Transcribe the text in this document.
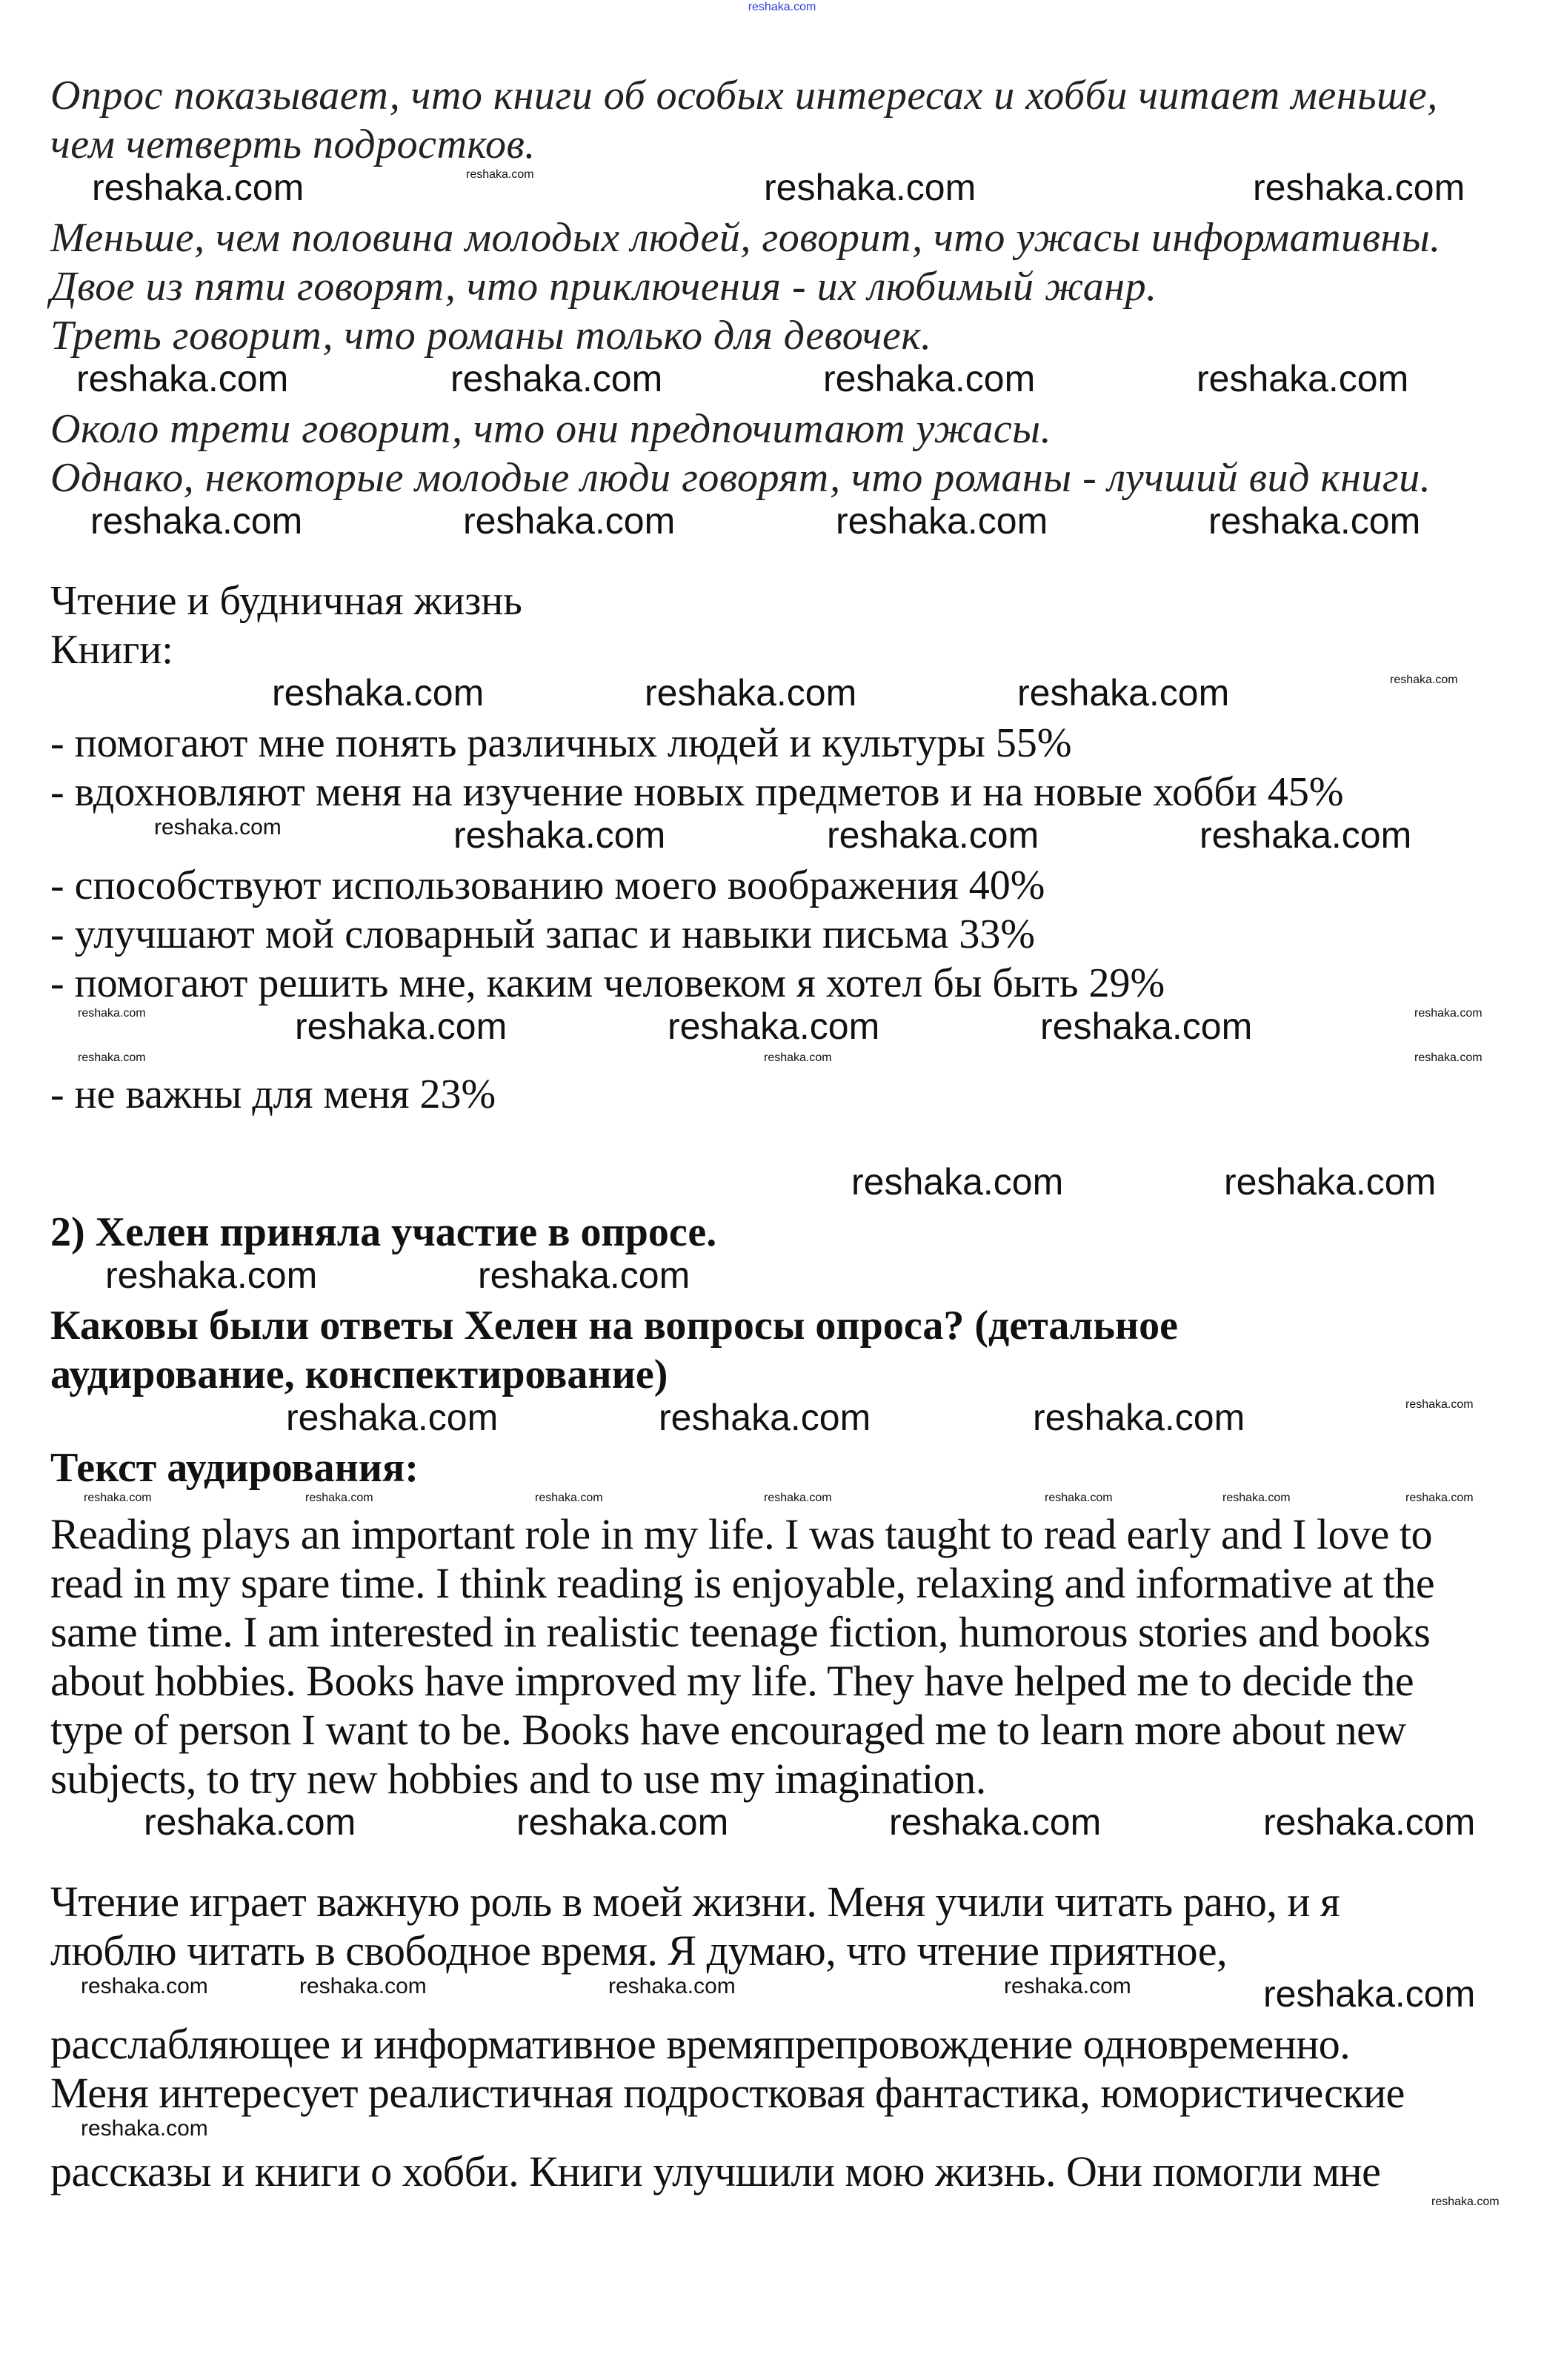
reshaka.com
Опрос показывает, что книги об особых интересах и хобби читает меньше,
чем четверть подростков.
reshaka.com	reshaka.com	reshaka.com	reshaka.com
Меньше, чем половина молодых людей, говорит, что ужасы информативны.
Двое из пяти говорят, что приключения - их любимый жанр.
Треть говорит, что романы только для девочек.
reshaka.com	reshaka.com	reshaka.com	reshaka.com
Около трети говорит, что они предпочитают ужасы.
Однако, некоторые молодые люди говорят, что романы - лучший вид книги.
reshaka.com	reshaka.com	reshaka.com	reshaka.com
Чтение и будничная жизнь
Книги:
reshaka.com	reshaka.com	reshaka.com	reshaka.com
- помогают мне понять различных людей и культуры 55%
- вдохновляют меня на изучение новых предметов и на новые хобби 45%
reshaka.com	reshaka.com	reshaka.com	reshaka.com
- способствуют использованию моего воображения 40%
- улучшают мой словарный запас и навыки письма 33%
- помогают решить мне, каким человеком я хотел бы быть 29%
reshaka.com	reshaka.com	reshaka.com	reshaka.com	reshaka.com
reshaka.com	reshaka.com	reshaka.com
- не важны для меня 23%
reshaka.com	reshaka.com
2) Хелен приняла участие в опросе.
reshaka.com	reshaka.com
Каковы были ответы Хелен на вопросы опроса? (детальное
аудирование, конспектирование)
reshaka.com	reshaka.com	reshaka.com	reshaka.com
Текст аудирования:
reshaka.com	reshaka.com	reshaka.com	reshaka.com	reshaka.com	reshaka.com	reshaka.com
Reading plays an important role in my life. I was taught to read early and I love to
read in my spare time. I think reading is enjoyable, relaxing and informative at the
same time. I am interested in realistic teenage fiction, humorous stories and books
about hobbies. Books have improved my life. They have helped me to decide the
type of person I want to be. Books have encouraged me to learn more about new
subjects, to try new hobbies and to use my imagination.
reshaka.com	reshaka.com	reshaka.com	reshaka.com
Чтение играет важную роль в моей жизни. Меня учили читать рано, и я
люблю читать в свободное время. Я думаю, что чтение приятное,
reshaka.com	reshaka.com	reshaka.com	reshaka.com	reshaka.com
расслабляющее и информативное времяпрепровождение одновременно.
Меня интересует реалистичная подростковая фантастика, юмористические
reshaka.com
рассказы и книги о хобби. Книги улучшили мою жизнь. Они помогли мне
reshaka.com
